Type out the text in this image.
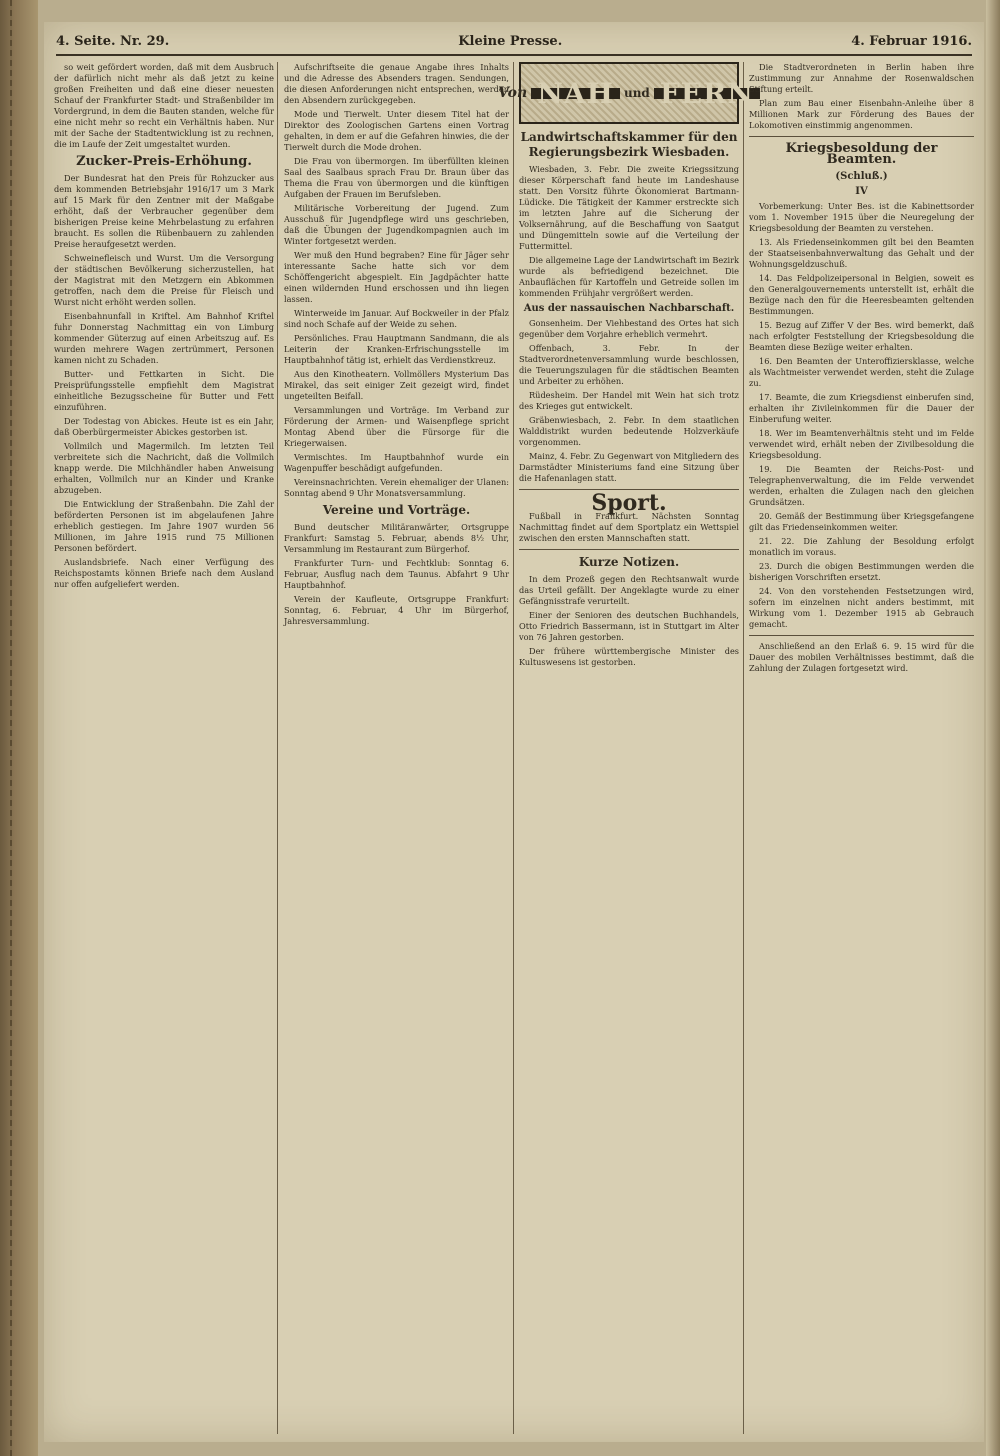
4. Seite. Nr. 29.	Kleine Presse.	4. Februar 1916.

so weit gefördert worden, daß mit dem Ausbruch der dafürlich nicht mehr als daß jetzt zu keine großen Freiheiten und daß eine dieser neuesten Schauf der Frankfurter Stadt- und Straßenbilder im Vordergrund, in dem die Bauten standen, welche für eine nicht mehr so recht ein Verhältnis haben. Nur mit der Sache der Stadtentwicklung ist zu rechnen, die im Laufe der Zeit umgestaltet wurden.

Zucker-Preis-Erhöhung.

Der Bundesrat hat den Preis für Rohzucker aus dem kommenden Betriebsjahr 1916/17 um 3 Mark auf 15 Mark für den Zentner mit der Maßgabe erhöht, daß der Verbraucher gegenüber dem bisherigen Preise keine Mehrbelastung zu erfahren braucht. Es sollen die Rübenbauern zu zahlenden Preise heraufgesetzt werden.

Schweinefleisch und Wurst. Um die Versorgung der städtischen Bevölkerung sicherzustellen, hat der Magistrat mit den Metzgern ein Abkommen getroffen, nach dem die Preise für Fleisch und Wurst nicht erhöht werden sollen.

Eisenbahnunfall in Kriftel. Am Bahnhof Kriftel fuhr Donnerstag Nachmittag ein von Limburg kommender Güterzug auf einen Arbeitszug auf. Es wurden mehrere Wagen zertrümmert, Personen kamen nicht zu Schaden.

Butter- und Fettkarten in Sicht. Die Preisprüfungsstelle empfiehlt dem Magistrat einheitliche Bezugsscheine für Butter und Fett einzuführen.

Der Todestag von Abickes. Heute ist es ein Jahr, daß Oberbürgermeister Abickes gestorben ist.

Vollmilch und Magermilch. Im letzten Teil verbreitete sich die Nachricht, daß die Vollmilch knapp werde. Die Milchhändler haben Anweisung erhalten, Vollmilch nur an Kinder und Kranke abzugeben.

Die Entwicklung der Straßenbahn. Die Zahl der beförderten Personen ist im abgelaufenen Jahre erheblich gestiegen. Im Jahre 1907 wurden 56 Millionen, im Jahre 1915 rund 75 Millionen Personen befördert.

Auslandsbriefe. Nach einer Verfügung des Reichspostamts können Briefe nach dem Ausland nur offen aufgeliefert werden.

Aufschriftseite die genaue Angabe ihres Inhalts und die Adresse des Absenders tragen. Sendungen, die diesen Anforderungen nicht entsprechen, werden den Absendern zurückgegeben.

Mode und Tierwelt. Unter diesem Titel hat der Direktor des Zoologischen Gartens einen Vortrag gehalten, in dem er auf die Gefahren hinwies, die der Tierwelt durch die Mode drohen.

Die Frau von übermorgen. Im überfüllten kleinen Saal des Saalbaus sprach Frau Dr. Braun über das Thema die Frau von übermorgen und die künftigen Aufgaben der Frauen im Berufsleben.

Militärische Vorbereitung der Jugend. Zum Ausschuß für Jugendpflege wird uns geschrieben, daß die Übungen der Jugendkompagnien auch im Winter fortgesetzt werden.

Wer muß den Hund begraben? Eine für Jäger sehr interessante Sache hatte sich vor dem Schöffengericht abgespielt. Ein Jagdpächter hatte einen wildernden Hund erschossen und ihn liegen lassen.

Winterweide im Januar. Auf Bockweiler in der Pfalz sind noch Schafe auf der Weide zu sehen.

Persönliches. Frau Hauptmann Sandmann, die als Leiterin der Kranken-Erfrischungsstelle im Hauptbahnhof tätig ist, erhielt das Verdienstkreuz.

Aus den Kinotheatern. Vollmöllers Mysterium Das Mirakel, das seit einiger Zeit gezeigt wird, findet ungeteilten Beifall.

Versammlungen und Vorträge. Im Verband zur Förderung der Armen- und Waisenpflege spricht Montag Abend über die Fürsorge für die Kriegerwaisen.

Vermischtes. Im Hauptbahnhof wurde ein Wagenpuffer beschädigt aufgefunden.

Vereinsnachrichten. Verein ehemaliger der Ulanen: Sonntag abend 9 Uhr Monatsversammlung.

Vereine und Vorträge.

Bund deutscher Militäranwärter, Ortsgruppe Frankfurt: Samstag 5. Februar, abends 8½ Uhr, Versammlung im Restaurant zum Bürgerhof.

Frankfurter Turn- und Fechtklub: Sonntag 6. Februar, Ausflug nach dem Taunus. Abfahrt 9 Uhr Hauptbahnhof.

Verein der Kaufleute, Ortsgruppe Frankfurt: Sonntag, 6. Februar, 4 Uhr im Bürgerhof, Jahresversammlung.

Von NAH und FERN
Landwirtschaftskammer für den Regierungsbezirk Wiesbaden.

Wiesbaden, 3. Febr. Die zweite Kriegssitzung dieser Körperschaft fand heute im Landeshause statt. Den Vorsitz führte Ökonomierat Bartmann-Lüdicke. Die Tätigkeit der Kammer erstreckte sich im letzten Jahre auf die Sicherung der Volksernährung, auf die Beschaffung von Saatgut und Düngemitteln sowie auf die Verteilung der Futtermittel.

Die allgemeine Lage der Landwirtschaft im Bezirk wurde als befriedigend bezeichnet. Die Anbauflächen für Kartoffeln und Getreide sollen im kommenden Frühjahr vergrößert werden.

Aus der nassauischen Nachbarschaft.

Gonsenheim. Der Viehbestand des Ortes hat sich gegenüber dem Vorjahre erheblich vermehrt.

Offenbach, 3. Febr. In der Stadtverordnetenversammlung wurde beschlossen, die Teuerungszulagen für die städtischen Beamten und Arbeiter zu erhöhen.

Rüdesheim. Der Handel mit Wein hat sich trotz des Krieges gut entwickelt.

Gräbenwiesbach, 2. Febr. In dem staatlichen Walddistrikt wurden bedeutende Holzverkäufe vorgenommen.

Mainz, 4. Febr. Zu Gegenwart von Mitgliedern des Darmstädter Ministeriums fand eine Sitzung über die Hafenanlagen statt.

Sport.

Fußball in Frankfurt. Nächsten Sonntag Nachmittag findet auf dem Sportplatz ein Wettspiel zwischen den ersten Mannschaften statt.

Kurze Notizen.

In dem Prozeß gegen den Rechtsanwalt wurde das Urteil gefällt. Der Angeklagte wurde zu einer Gefängnisstrafe verurteilt.

Einer der Senioren des deutschen Buchhandels, Otto Friedrich Bassermann, ist in Stuttgart im Alter von 76 Jahren gestorben.

Der frühere württembergische Minister des Kultuswesens ist gestorben.

Die Stadtverordneten in Berlin haben ihre Zustimmung zur Annahme der Rosenwaldschen Stiftung erteilt.

Plan zum Bau einer Eisenbahn-Anleihe über 8 Millionen Mark zur Förderung des Baues der Lokomotiven einstimmig angenommen.

Kriegsbesoldung der Beamten.
(Schluß.)
IV

Vorbemerkung: Unter Bes. ist die Kabinettsorder vom 1. November 1915 über die Neuregelung der Kriegsbesoldung der Beamten zu verstehen.

13. Als Friedenseinkommen gilt bei den Beamten der Staatseisenbahnverwaltung das Gehalt und der Wohnungsgeldzuschuß.

14. Das Feldpolizeipersonal in Belgien, soweit es den Generalgouvernements unterstellt ist, erhält die Bezüge nach den für die Heeresbeamten geltenden Bestimmungen.

15. Bezug auf Ziffer V der Bes. wird bemerkt, daß nach erfolgter Feststellung der Kriegsbesoldung die Beamten diese Bezüge weiter erhalten.

16. Den Beamten der Unteroffiziersklasse, welche als Wachtmeister verwendet werden, steht die Zulage zu.

17. Beamte, die zum Kriegsdienst einberufen sind, erhalten ihr Zivileinkommen für die Dauer der Einberufung weiter.

18. Wer im Beamtenverhältnis steht und im Felde verwendet wird, erhält neben der Zivilbesoldung die Kriegsbesoldung.

19. Die Beamten der Reichs-Post- und Telegraphenverwaltung, die im Felde verwendet werden, erhalten die Zulagen nach den gleichen Grundsätzen.

20. Gemäß der Bestimmung über Kriegsgefangene gilt das Friedenseinkommen weiter.

21. 22. Die Zahlung der Besoldung erfolgt monatlich im voraus.

23. Durch die obigen Bestimmungen werden die bisherigen Vorschriften ersetzt.

24. Von den vorstehenden Festsetzungen wird, sofern im einzelnen nicht anders bestimmt, mit Wirkung vom 1. Dezember 1915 ab Gebrauch gemacht.

Anschließend an den Erlaß 6. 9. 15 wird für die Dauer des mobilen Verhältnisses bestimmt, daß die Zahlung der Zulagen fortgesetzt wird.
